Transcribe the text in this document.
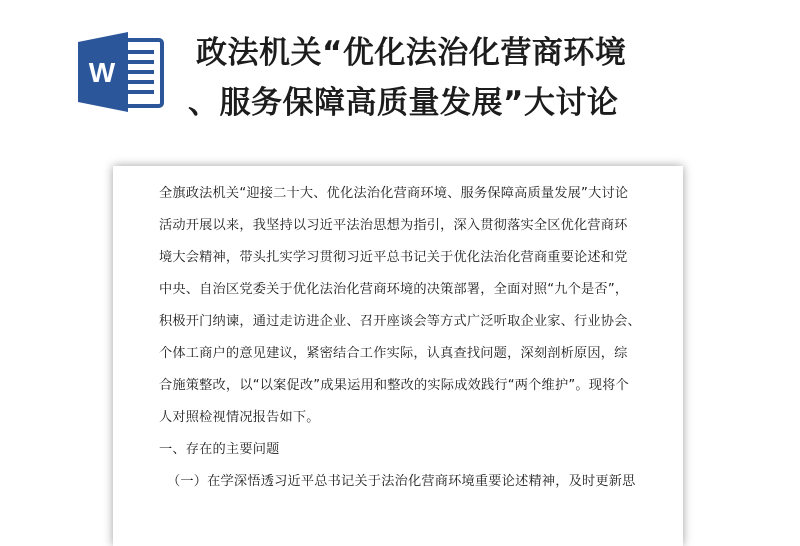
W
政法机关“优化法治化营商环境
、服务保障高质量发展”大讨论
全旗政法机关“迎接二十大、优化法治化营商环境、服务保障高质量发展”大讨论
活动开展以来，我坚持以习近平法治思想为指引，深入贯彻落实全区优化营商环
境大会精神，带头扎实学习贯彻习近平总书记关于优化法治化营商重要论述和党
中央、自治区党委关于优化法治化营商环境的决策部署，全面对照“九个是否”，
积极开门纳谏，通过走访进企业、召开座谈会等方式广泛听取企业家、行业协会、
个体工商户的意见建议，紧密结合工作实际，认真查找问题，深刻剖析原因，综
合施策整改，以“以案促改”成果运用和整改的实际成效践行“两个维护”。现将个
人对照检视情况报告如下。
一、存在的主要问题
（一）在学深悟透习近平总书记关于法治化营商环境重要论述精神，及时更新思
